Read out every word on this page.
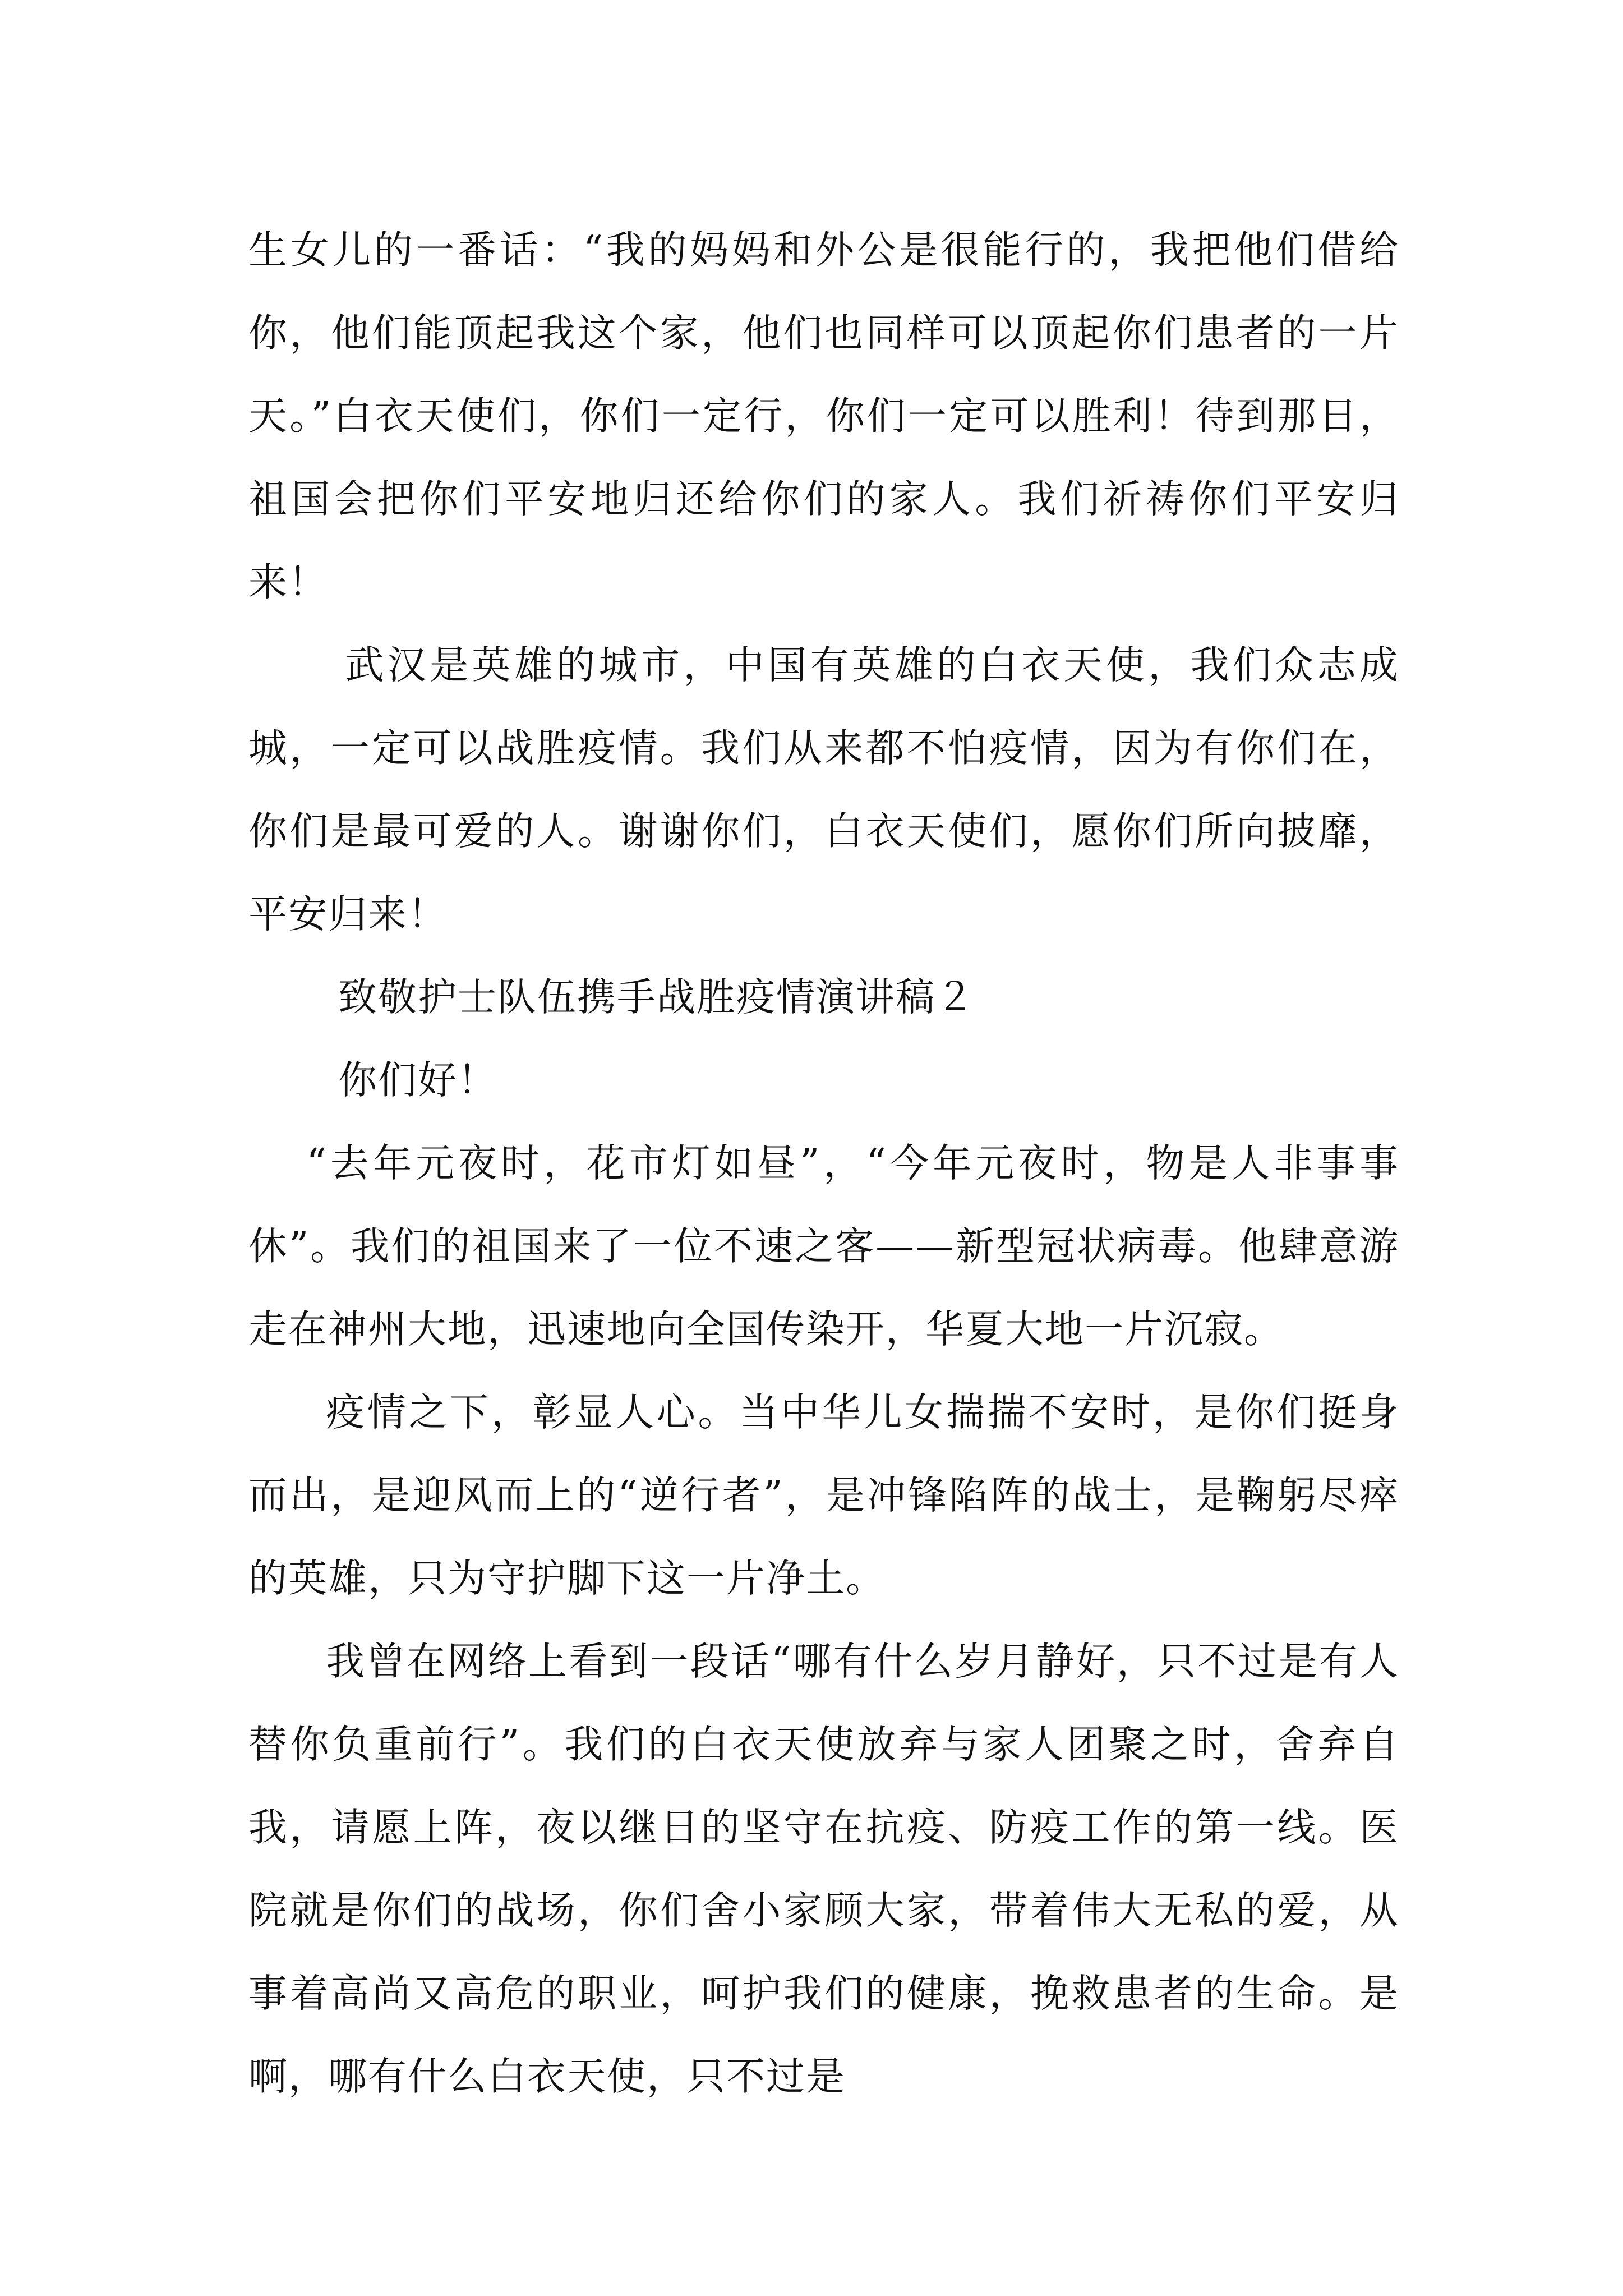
生女儿的一番话：“我的妈妈和外公是很能行的，我把他们借给你，他们能顶起我这个家，他们也同样可以顶起你们患者的一片天。”白衣天使们，你们一定行，你们一定可以胜利！待到那日，祖国会把你们平安地归还给你们的家人。我们祈祷你们平安归来！

武汉是英雄的城市，中国有英雄的白衣天使，我们众志成城，一定可以战胜疫情。我们从来都不怕疫情，因为有你们在，你们是最可爱的人。谢谢你们，白衣天使们，愿你们所向披靡，平安归来！

致敬护士队伍携手战胜疫情演讲稿２

你们好！

“去年元夜时，花市灯如昼”，“今年元夜时，物是人非事事休”。我们的祖国来了一位不速之客——新型冠状病毒。他肆意游走在神州大地，迅速地向全国传染开，华夏大地一片沉寂。

疫情之下，彰显人心。当中华儿女揣揣不安时，是你们挺身而出，是迎风而上的“逆行者”，是冲锋陷阵的战士，是鞠躬尽瘁的英雄，只为守护脚下这一片净土。

我曾在网络上看到一段话“哪有什么岁月静好，只不过是有人替你负重前行”。我们的白衣天使放弃与家人团聚之时，舍弃自我，请愿上阵，夜以继日的坚守在抗疫、防疫工作的第一线。医院就是你们的战场，你们舍小家顾大家，带着伟大无私的爱，从事着高尚又高危的职业，呵护我们的健康，挽救患者的生命。是啊，哪有什么白衣天使，只不过是
